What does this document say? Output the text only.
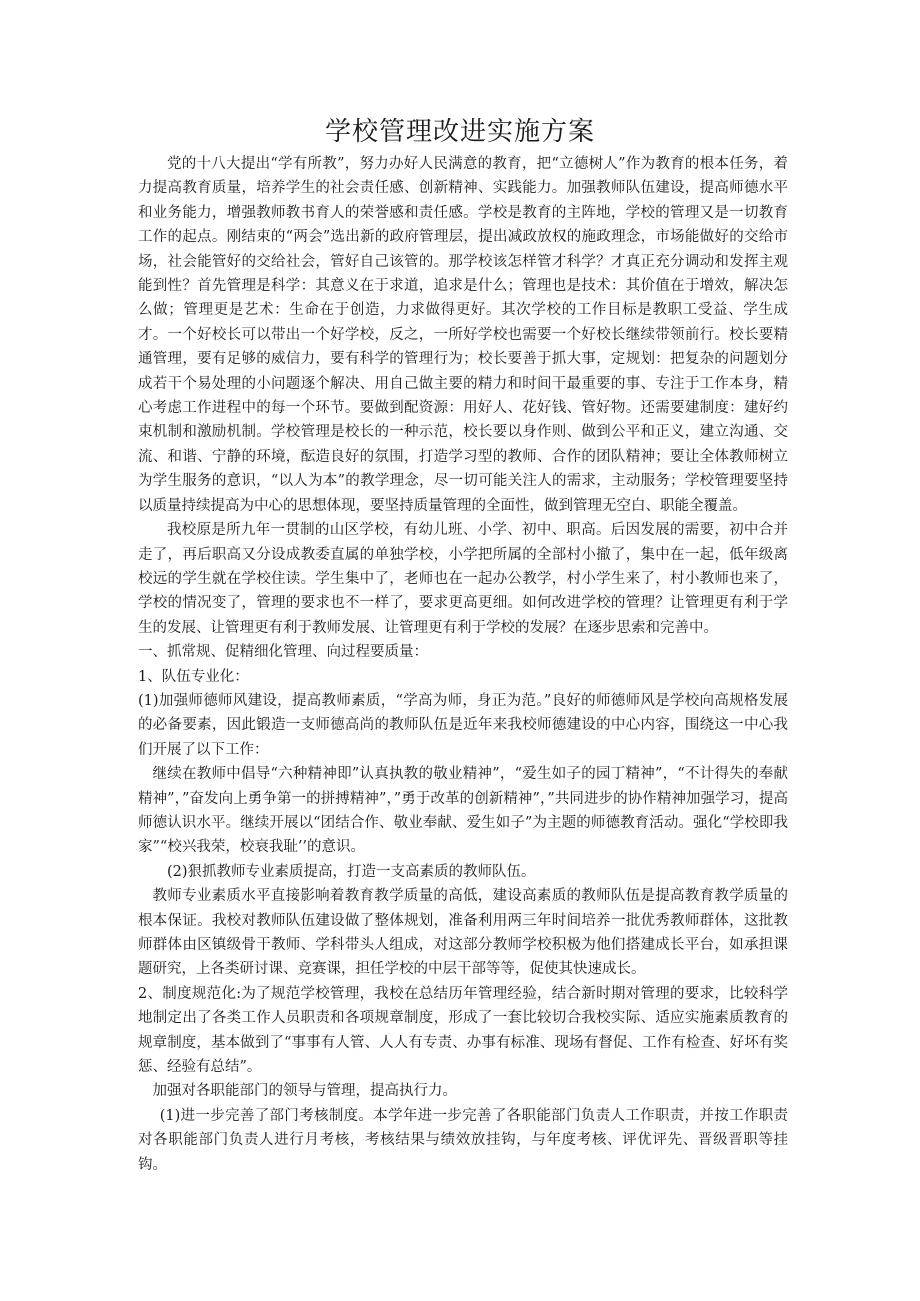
学校管理改进实施方案

党的十八大提出“学有所教”，努力办好人民满意的教育，把“立德树人”作为教育的根本任务，着力提高教育质量，培养学生的社会责任感、创新精神、实践能力。加强教师队伍建设，提高师德水平和业务能力，增强教师教书育人的荣誉感和责任感。学校是教育的主阵地，学校的管理又是一切教育工作的起点。刚结束的“两会”选出新的政府管理层，提出减政放权的施政理念，市场能做好的交给市场，社会能管好的交给社会，管好自己该管的。那学校该怎样管才科学？才真正充分调动和发挥主观能到性？首先管理是科学：其意义在于求道，追求是什么；管理也是技术：其价值在于增效，解决怎么做；管理更是艺术：生命在于创造，力求做得更好。其次学校的工作目标是教职工受益、学生成才。一个好校长可以带出一个好学校，反之，一所好学校也需要一个好校长继续带领前行。校长要精通管理，要有足够的威信力，要有科学的管理行为；校长要善于抓大事，定规划：把复杂的问题划分成若干个易处理的小问题逐个解决、用自己做主要的精力和时间干最重要的事、专注于工作本身，精心考虑工作进程中的每一个环节。要做到配资源：用好人、花好钱、管好物。还需要建制度：建好约束机制和激励机制。学校管理是校长的一种示范，校长要以身作则、做到公平和正义，建立沟通、交流、和谐、宁静的环境，酝造良好的氛围，打造学习型的教师、合作的团队精神；要让全体教师树立为学生服务的意识，“以人为本”的教学理念，尽一切可能关注人的需求，主动服务；学校管理要坚持以质量持续提高为中心的思想体现，要坚持质量管理的全面性，做到管理无空白、职能全覆盖。

我校原是所九年一贯制的山区学校，有幼儿班、小学、初中、职高。后因发展的需要，初中合并走了，再后职高又分设成教委直属的单独学校，小学把所属的全部村小撤了，集中在一起，低年级离校远的学生就在学校住读。学生集中了，老师也在一起办公教学，村小学生来了，村小教师也来了，学校的情况变了，管理的要求也不一样了，要求更高更细。如何改进学校的管理？让管理更有利于学生的发展、让管理更有利于教师发展、让管理更有利于学校的发展？在逐步思索和完善中。

一、抓常规、促精细化管理、向过程要质量：

1、队伍专业化：

(1)加强师德师风建设，提高教师素质，“学高为师，身正为范。”良好的师德师风是学校向高规格发展的必备要素，因此锻造一支师德高尚的教师队伍是近年来我校师德建设的中心内容，围绕这一中心我们开展了以下工作：

继续在教师中倡导“六种精神即”认真执教的敬业精神”，“爱生如子的园丁精神”，“不计得失的奉献精神”，”奋发向上勇争第一的拼搏精神”，”勇于改革的创新精神”，”共同进步的协作精神加强学习，提高师德认识水平。继续开展以“团结合作、敬业奉献、爱生如子”为主题的师德教育活动。强化“学校即我家”“校兴我荣，校衰我耻’’的意识。

(2)狠抓教师专业素质提高，打造一支高素质的教师队伍。

教师专业素质水平直接影响着教育教学质量的高低，建设高素质的教师队伍是提高教育教学质量的根本保证。我校对教师队伍建设做了整体规划，准备利用两三年时间培养一批优秀教师群体，这批教师群体由区镇级骨干教师、学科带头人组成，对这部分教师学校积极为他们搭建成长平台，如承担课题研究，上各类研讨课、竞赛课，担任学校的中层干部等等，促使其快速成长。

2、制度规范化:为了规范学校管理，我校在总结历年管理经验，结合新时期对管理的要求，比较科学地制定出了各类工作人员职责和各项规章制度，形成了一套比较切合我校实际、适应实施素质教育的规章制度，基本做到了“事事有人管、人人有专责、办事有标准、现场有督促、工作有检查、好坏有奖惩、经验有总结”。

加强对各职能部门的领导与管理，提高执行力。

(1)进一步完善了部门考核制度。本学年进一步完善了各职能部门负责人工作职责，并按工作职责对各职能部门负责人进行月考核，考核结果与绩效放挂钩，与年度考核、评优评先、晋级晋职等挂钩。
